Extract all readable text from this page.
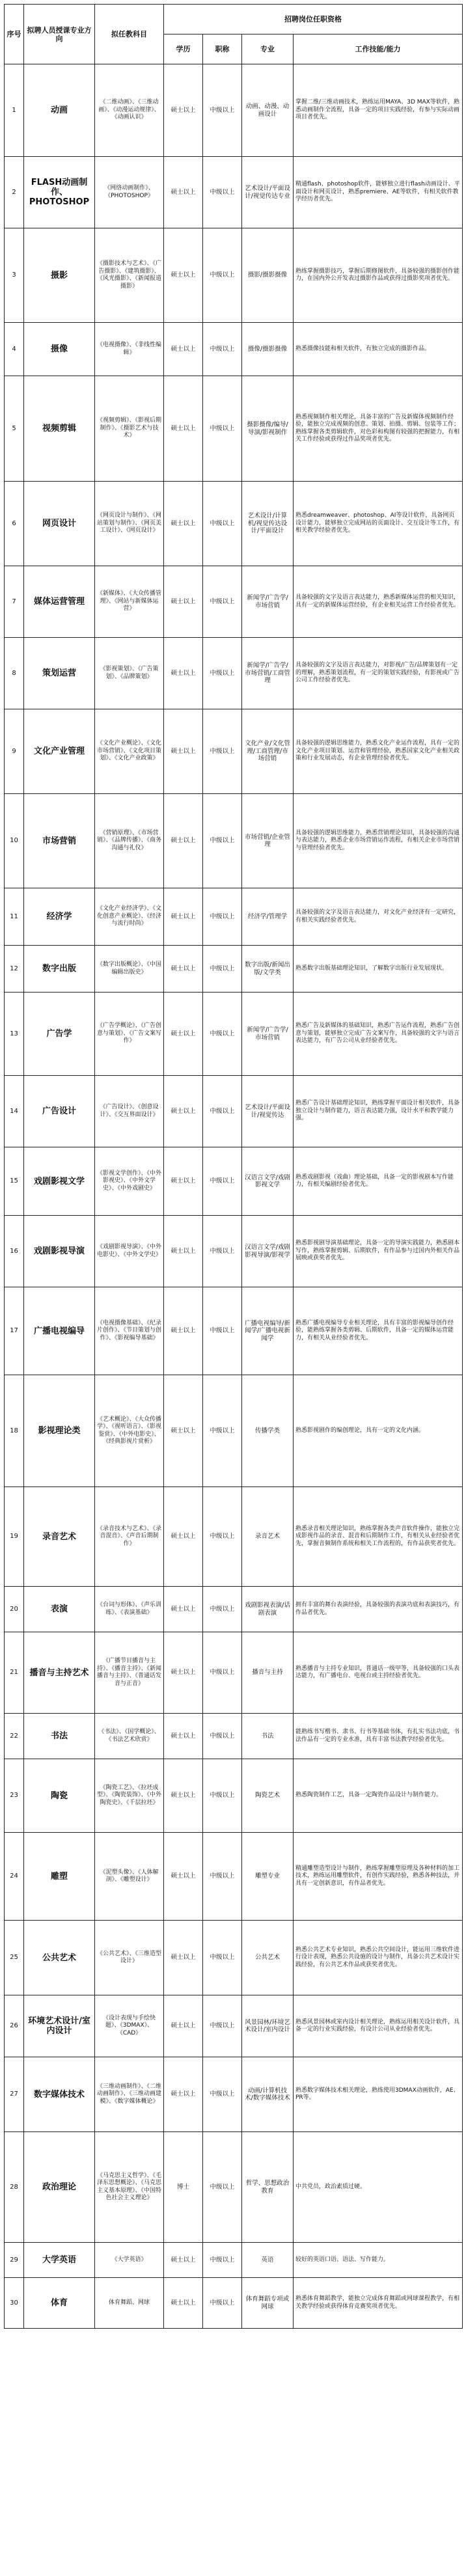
序号	拟聘人员授课专业方向	拟任教科目	招聘岗位任职资格			
			学历	职称	专业	工作技能/能力
1	动画	《二维动画》、《三维动画》、《动漫运动规律》、《动画认识》	硕士以上	中级以上	动画、动漫、动画设计	掌握二维/三维动画技术，熟练运用MAYA、3D MAX等软件，熟悉动画制作全流程，具备一定的项目实践经验，有参与实际动画项目者优先。
2	FLASH动画制作、PHOTOSHOP	《网络动画制作》、《PHOTOSHOP》	硕士以上	中级以上	艺术设计/平面设计/视觉传达专业	精通flash、photoshop软件，能够独立进行flash动画设计、平面设计和网页设计，熟悉premiere、AE等软件，有相关软件教学经历者优先。
3	摄影	《摄影技术与艺术》、《广告摄影》、《建筑摄影》、《风光摄影》、《新闻报道摄影》	硕士以上	中级以上	摄影/摄影摄像	熟练掌握摄影技巧，掌握后期修图软件，具备较强的摄影创作能力，在国内外公开发表过摄影作品或获得过摄影奖项者优先。
4	摄像	《电视摄像》、《非线性编辑》	硕士以上	中级以上	摄像/摄影摄像	熟悉摄像技能和相关软件，有独立完成的摄影作品。
5	视频剪辑	《视频剪辑》、《影视后期制作》、《摄影艺术与技术》	硕士以上	中级以上	摄影摄像/编导/导演/影视制作	熟悉视频制作相关理论，具备丰富的广告及新媒体视频制作经验，能独立完成视频的创意、策划、拍摄、剪辑、包装等工作；熟练掌握各类剪辑软件，对色彩和构图有较强的把握能力，有相关工作经验或获得过作品奖项者优先。
6	网页设计	《网页设计与制作》、《网站策划与制作》、《网页美工设计》、《网页设计》	硕士以上	中级以上	艺术设计/计算机/视觉传达设计/平面设计	熟悉dreamweaver、photoshop、AI等设计软件，具备网页设计能力，能够独立完成网站的页面设计、交互设计等工作，有相关教学经验者优先。
7	媒体运营管理	《新媒体》、《大众传播管理》、《网站与新媒体运营》	硕士以上	中级以上	新闻学/广告学/市场营销	具备较强的文字及语言表达能力，熟悉新媒体运营的相关知识，具有一定的新媒体运营经验，有企业相关运营工作经验者优先。
8	策划运营	《影视策划》、《广告策划》、《品牌策划》	硕士以上	中级以上	新闻学/广告学/市场营销/工商管理	具备较强的文字及语言表达能力，对影视/广告/品牌策划有一定的理解，熟悉策划流程，有一定的策划实践经验，有影视或广告公司工作经验者优先。
9	文化产业管理	《文化产业概论》、《文化市场营销》、《文化项目策划》、《文化产业政策》	硕士以上	中级以上	文化产业/文化管理/工商管理/市场营销	具备较强的逻辑思维能力，熟悉文化产业运作流程，具有一定的文化产业项目策划、运营和管理经验，熟悉国家文化产业相关政策和行业发展动态，有企业管理经验者优先。
10	市场营销	《营销原理》、《市场营销》、《品牌传播》、《商务沟通与礼仪》	硕士以上	中级以上	市场营销/企业管理	具备较强的逻辑思维能力，熟悉营销理论知识，具备较强的沟通与表达能力，熟悉企业市场营销运作流程，有相关企业市场营销与管理经验者优先。
11	经济学	《文化产业经济学》、《文化创意产业概论》、《经济与流行时尚》	硕士以上	中级以上	经济学/管理学	具备较强的文字及语言表达能力，对文化产业经济有一定研究，有相关实践经验者优先。
12	数字出版	《数字出版概论》、《中国编辑出版史》	硕士以上	中级以上	数字出版/新闻出版/文学类	熟悉数字出版基础理论知识，了解数字出版行业发展现状。
13	广告学	《广告学概论》、《广告创意与策划》、《广告文案写作》	硕士以上	中级以上	新闻学/广告学/市场营销	熟悉广告及新媒体的基础知识，熟悉广告运作流程，熟悉广告创意与策划，能够独立完成广告文案写作，具备较强的文字与语言表达能力，有广告公司从业经验者优先。
14	广告设计	《广告设计》、《创意设计》、《交互界面设计》	硕士以上	中级以上	艺术设计/平面设计/视觉传达	熟悉广告设计基础理论知识，熟练掌握平面设计相关软件，具备独立设计与制作能力，语言表达能力强，设计水平和教学能力强。
15	戏剧影视文学	《影视文学创作》、《中外影视史》、《中外文学史》、《中外戏剧史》	硕士以上	中级以上	汉语言文学/戏剧影视文学	熟悉戏剧影视（戏曲）理论基础，具备一定的影视剧本写作能力，有相关编剧经验者优先。
16	戏剧影视导演	《戏剧影视导演》、《中外电影史》、《中外文学史》	硕士以上	中级以上	汉语言文学/戏剧影视导演/影视学	熟悉影视剧导演基础理论，具备一定的导演实践能力，熟悉剧本写作，熟练掌握剪辑、后期软件，有作品参与过国内外相关作品展映或获奖者优先。
17	广播电视编导	《电视摄像基础》、《纪录片创作》、《节目策划与创作》、《影视编导基础》	硕士以上	中级以上	广播电视编导/新闻学/广播电视新闻学	熟悉广播电视编导专业相关理论，具有丰富的影视编导创作经验，能熟练掌握各类剪辑、后期软件，具备一定的媒体运营能力，有相关从业经验者优先。
18	影视理论类	《艺术概论》、《大众传播学》、《视听语言》、《影视鉴赏》、《中外电影史》、《经典影视片赏析》	硕士以上	中级以上	传播学类	熟悉影视剧作的编创理论，具有一定的文化内涵。
19	录音艺术	《录音技术与艺术》、《录音混音》、《声音后期制作》	硕士以上	中级以上	录音艺术	熟悉录音相关理论知识，熟练掌握各类声音软件操作，能独立完成影视作品的录音、混音和后期制作工作，有相关从业经验者优先，掌握音频制作系统和相关工作流程的，有作品获奖者优先。
20	表演	《台词与形体》、《声乐训练》、《表演基础》	硕士以上	中级以上	戏剧影视表演/话剧表演	拥有丰富的舞台表演经验，具备较强的表演功底和表演技巧，有作品者优先。
21	播音与主持艺术	《广播节目播音与主持》、《播音主持》、《新闻播音与主持》、《普通话发音与正音》	硕士以上	中级以上	播音与主持	熟悉播音与主持专业知识，普通话一级甲等，具备较强的口头表达能力，有广播电台、电视台或主持经验者优先。
22	书法	《书法》、《国学概论》、《书法艺术欣赏》	硕士以上	中级以上	书法	能熟练书写楷书、隶书、行书等基础书体，有扎实书法功底，书法作品有一定的专业水准，具有丰富书法教学经验者优先。
23	陶瓷	《陶瓷工艺》、《拉坯成型》、《陶瓷装饰》、《中外陶瓷史》、《千层拉坯》	硕士以上	中级以上	陶瓷艺术	熟悉陶瓷制作工艺，具备一定陶瓷作品设计与制作能力。
24	雕塑	《泥塑头像》、《人体解剖》、《雕塑设计》	硕士以上	中级以上	雕塑专业	精通雕塑造型设计与制作，熟练掌握雕塑原理及各种材料的加工技术，熟练运用雕塑软件，有创作实践经验，熟悉各种技法，并具有一定创新意识，有作品者优先。
25	公共艺术	《公共艺术》、《三维造型设计》	硕士以上	中级以上	公共艺术	熟悉公共艺术专业知识，熟悉公共空间设计，能运用三维软件进行设计表现，熟悉公共设施的设计与制作，具备公共艺术设计实践经验，有公共艺术作品或获奖者优先。
26	环境艺术设计/室内设计	《设计表现与手绘快题》、《3DMAX》、《CAD》	硕士以上	中级以上	风景园林/环境艺术设计/室内设计	熟悉风景园林或室内设计相关理论，熟练运用相关设计软件，具备一定的行业实践经验，有设计公司从业经验者优先。
27	数字媒体技术	《三维动画制作》、《二维动画制作》、《三维动画建模》、《数字媒体概论》	硕士以上	中级以上	动画/计算机技术/数字媒体技术	熟悉数字媒体技术相关理论，熟练使用3DMAX动画软件，AE、PR等。
28	政治理论	《马克思主义哲学》、《毛泽东思想概论》、《马克思主义基本原理》、《中国特色社会主义理论》	博士	中级以上	哲学、思想政治教育	中共党员，政治素质过硬。
29	大学英语	《大学英语》	硕士以上	中级以上	英语	较好的英语口语、语法、写作能力。
30	体育	体育舞蹈、网球	硕士以上	中级以上	体育舞蹈专项或网球	熟悉体育舞蹈教学，能独立完成体育舞蹈或网球课程教学，有相关教学经验或获得体育竞赛奖项者优先。
